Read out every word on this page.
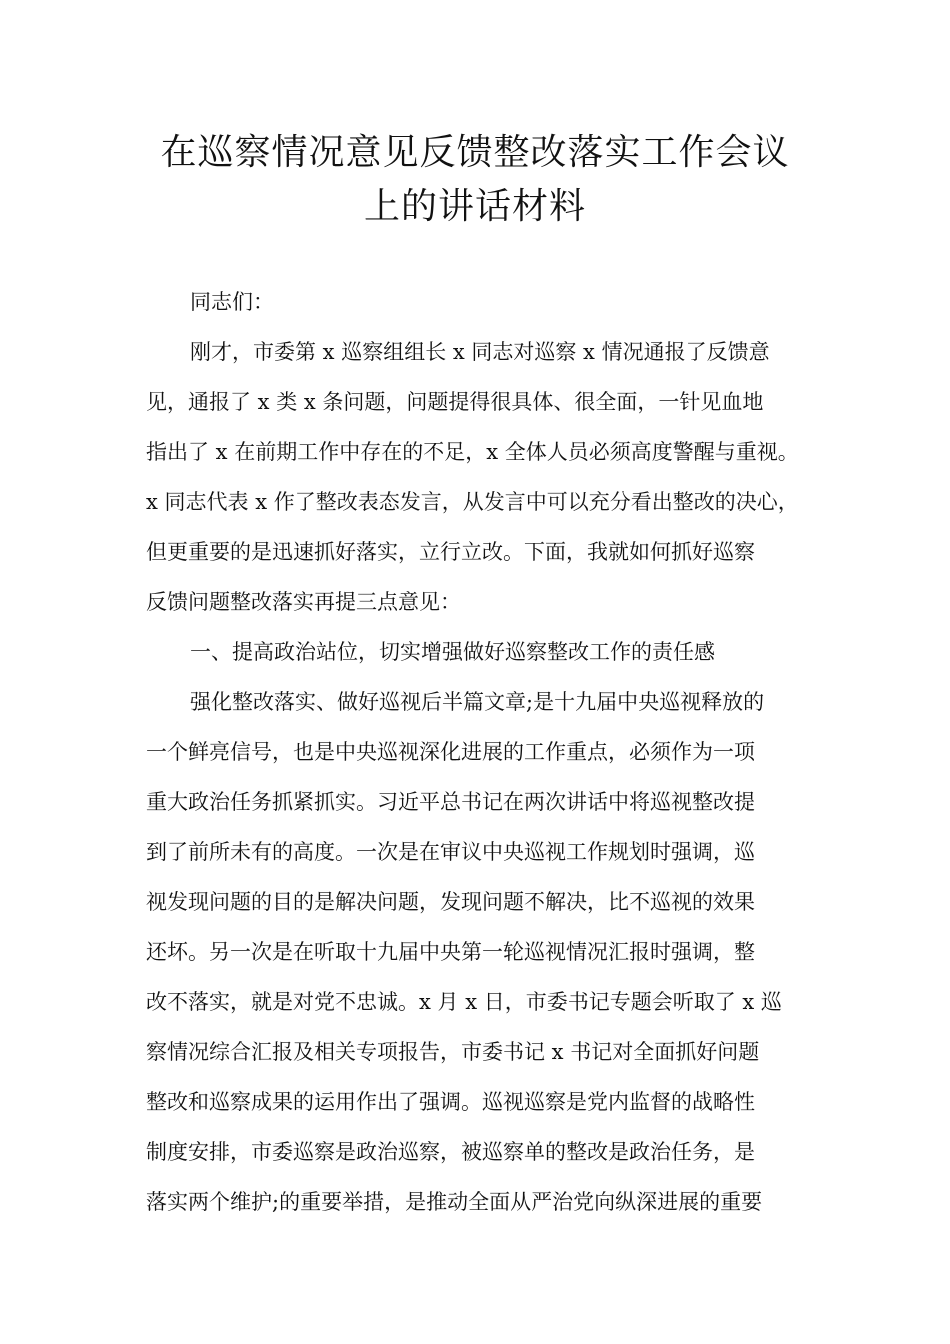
在巡察情况意见反馈整改落实工作会议
上的讲话材料
同志们：
刚才，市委第 x 巡察组组长 x 同志对巡察 x 情况通报了反馈意
见，通报了 x 类 x 条问题，问题提得很具体、很全面，一针见血地
指出了 x 在前期工作中存在的不足，x 全体人员必须高度警醒与重视。
x 同志代表 x 作了整改表态发言，从发言中可以充分看出整改的决心，
但更重要的是迅速抓好落实，立行立改。下面，我就如何抓好巡察
反馈问题整改落实再提三点意见：
一、提高政治站位，切实增强做好巡察整改工作的责任感
强化整改落实、做好巡视后半篇文章;是十九届中央巡视释放的
一个鲜亮信号，也是中央巡视深化进展的工作重点，必须作为一项
重大政治任务抓紧抓实。习近平总书记在两次讲话中将巡视整改提
到了前所未有的高度。一次是在审议中央巡视工作规划时强调，巡
视发现问题的目的是解决问题，发现问题不解决，比不巡视的效果
还坏。另一次是在听取十九届中央第一轮巡视情况汇报时强调，整
改不落实，就是对党不忠诚。x 月 x 日，市委书记专题会听取了 x 巡
察情况综合汇报及相关专项报告，市委书记 x 书记对全面抓好问题
整改和巡察成果的运用作出了强调。巡视巡察是党内监督的战略性
制度安排，市委巡察是政治巡察，被巡察单的整改是政治任务，是
落实两个维护;的重要举措，是推动全面从严治党向纵深进展的重要
